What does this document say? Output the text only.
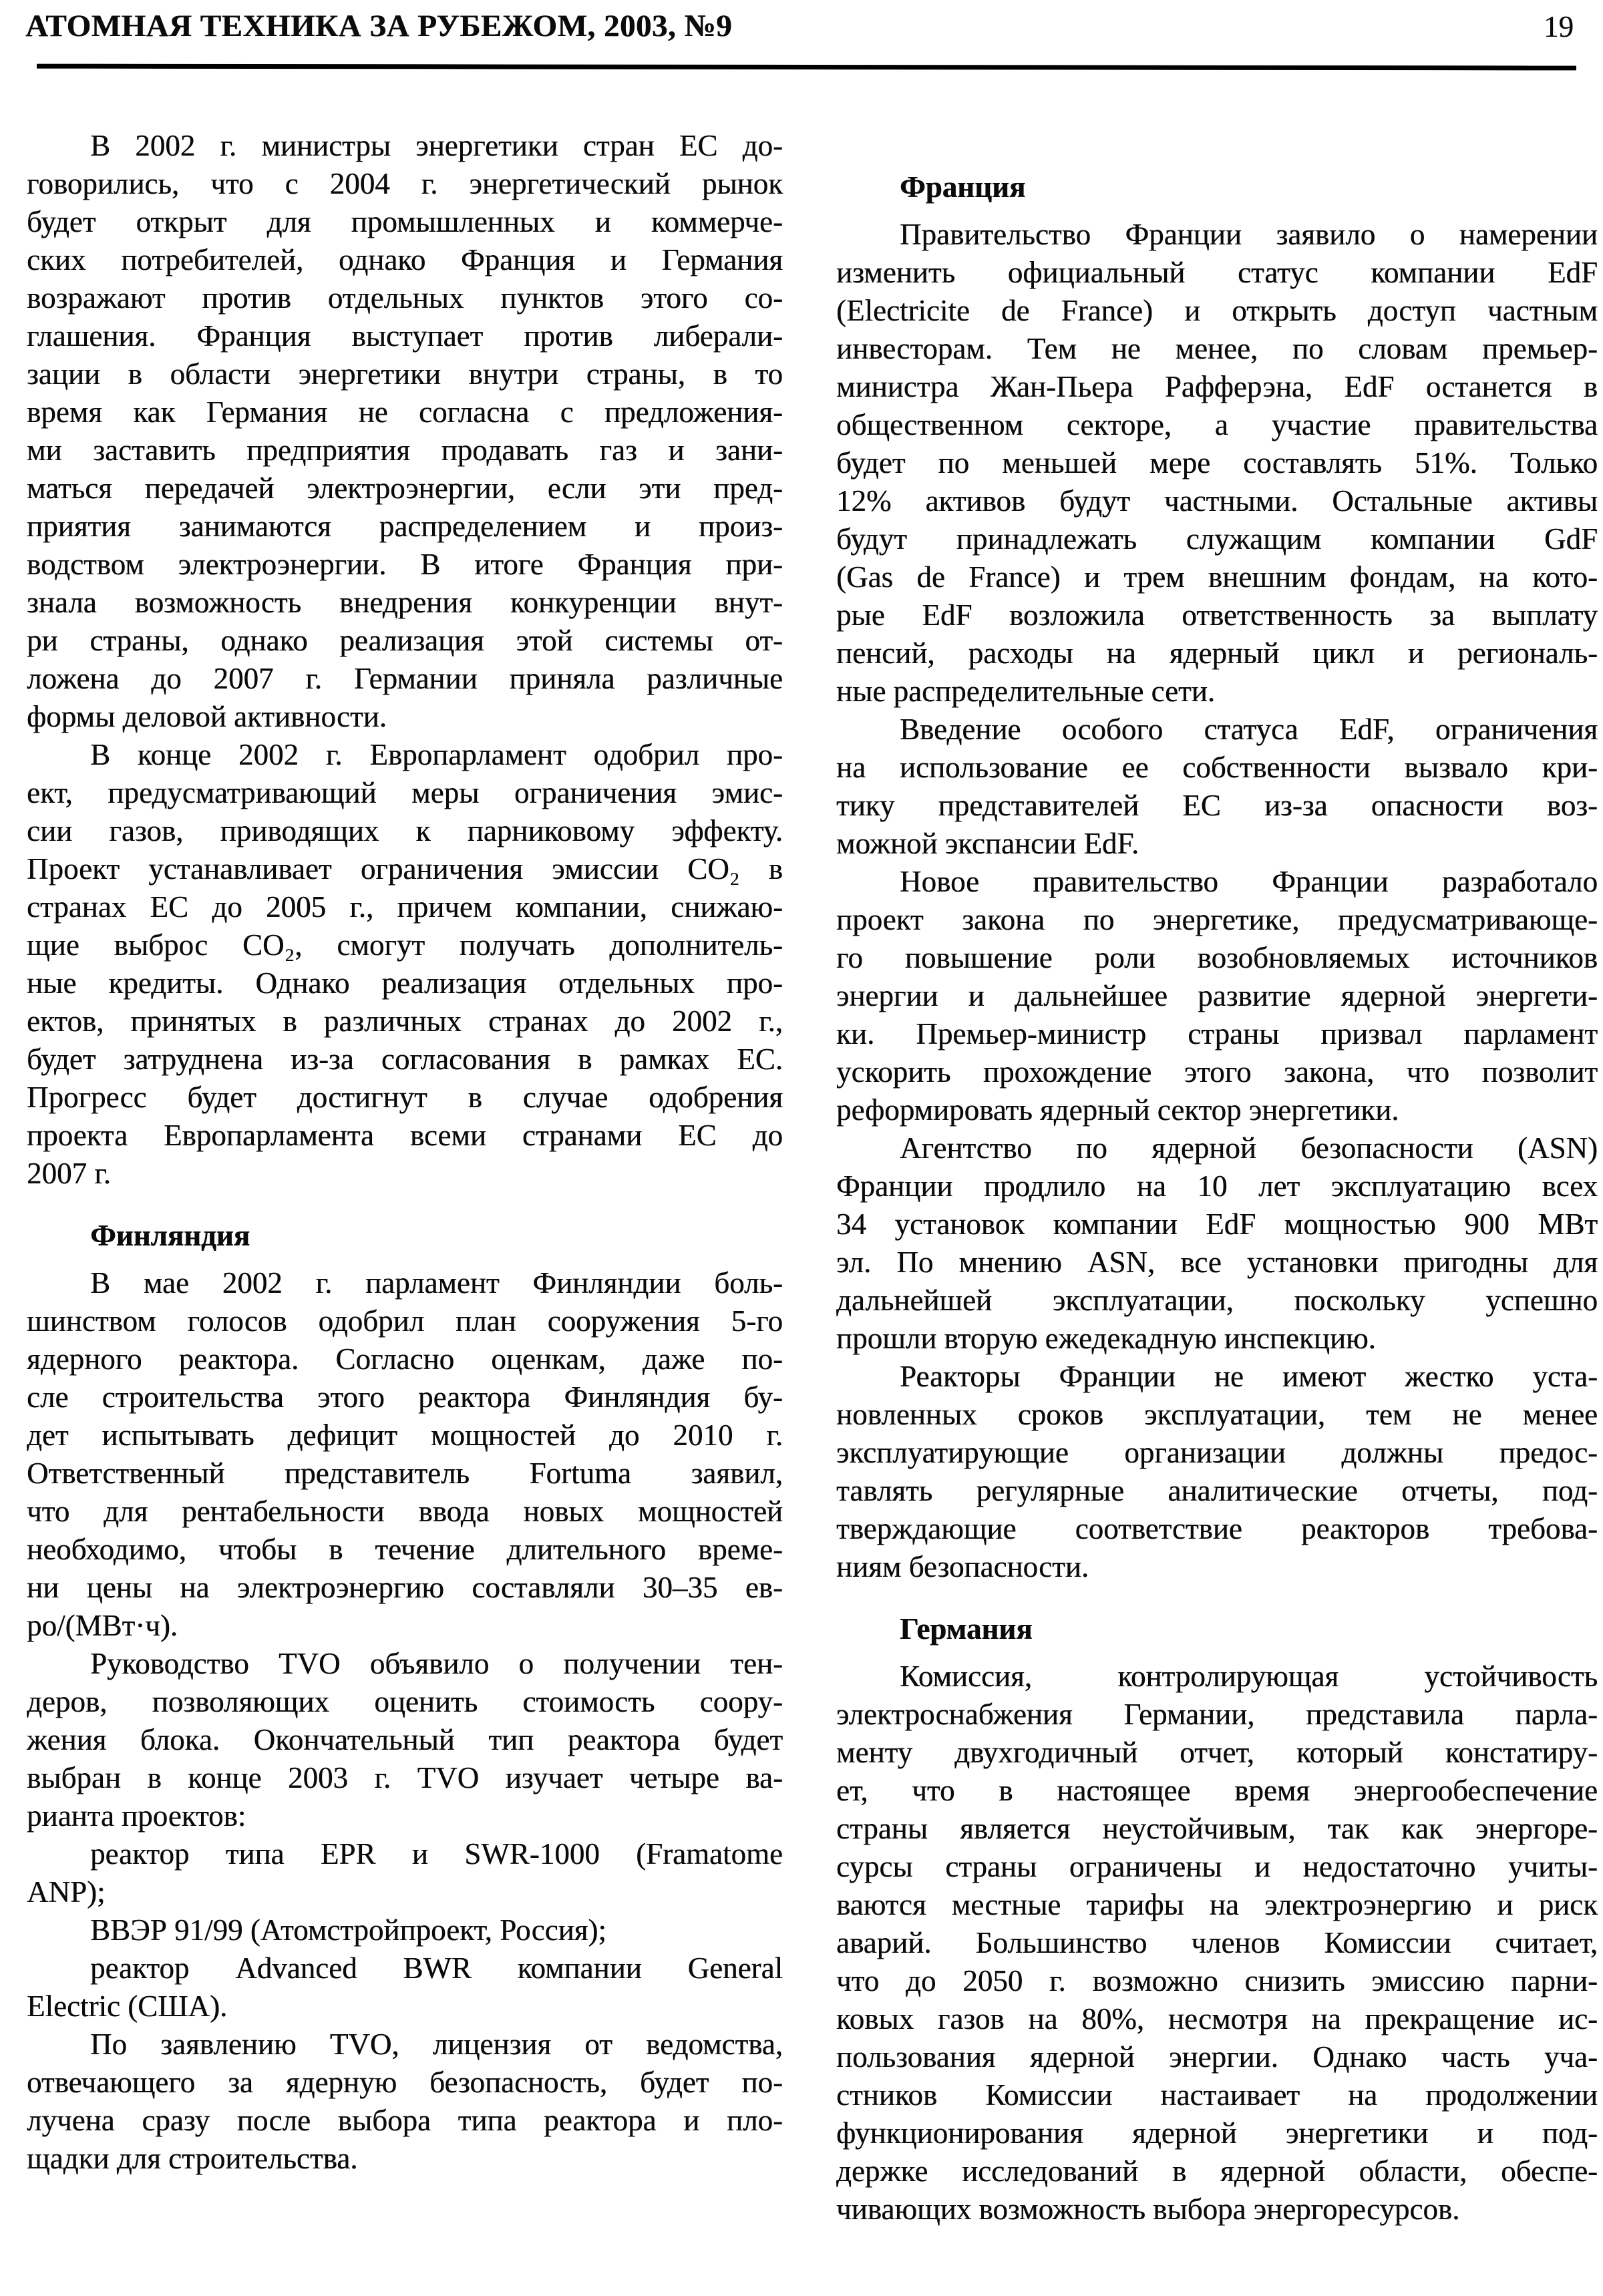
АТОМНАЯ ТЕХНИКА ЗА РУБЕЖОМ, 2003, №9	19
В 2002 г. министры энергетики стран ЕС до-
говорились, что с 2004 г. энергетический рынок
будет открыт для промышленных и коммерче-
ских потребителей, однако Франция и Германия
возражают против отдельных пунктов этого со-
глашения. Франция выступает против либерали-
зации в области энергетики внутри страны, в то
время как Германия не согласна с предложения-
ми заставить предприятия продавать газ и зани-
маться передачей электроэнергии, если эти пред-
приятия занимаются распределением и произ-
водством электроэнергии. В итоге Франция при-
знала возможность внедрения конкуренции внут-
ри страны, однако реализация этой системы от-
ложена до 2007 г. Германии приняла различные
формы деловой активности.
В конце 2002 г. Европарламент одобрил про-
ект, предусматривающий меры ограничения эмис-
сии газов, приводящих к парниковому эффекту.
Проект устанавливает ограничения эмиссии CO₂ в
странах ЕС до 2005 г., причем компании, снижаю-
щие выброс CO₂, смогут получать дополнитель-
ные кредиты. Однако реализация отдельных про-
ектов, принятых в различных странах до 2002 г.,
будет затруднена из-за согласования в рамках ЕС.
Прогресс будет достигнут в случае одобрения
проекта Европарламента всеми странами ЕС до
2007 г.
Финляндия
В мае 2002 г. парламент Финляндии боль-
шинством голосов одобрил план сооружения 5-го
ядерного реактора. Согласно оценкам, даже по-
сле строительства этого реактора Финляндия бу-
дет испытывать дефицит мощностей до 2010 г.
Ответственный представитель Fortuma заявил,
что для рентабельности ввода новых мощностей
необходимо, чтобы в течение длительного време-
ни цены на электроэнергию составляли 30–35 ев-
ро/(МВт·ч).
Руководство TVO объявило о получении тен-
деров, позволяющих оценить стоимость соору-
жения блока. Окончательный тип реактора будет
выбран в конце 2003 г. TVO изучает четыре ва-
рианта проектов:
реактор типа EPR и SWR-1000 (Framatome
ANP);
ВВЭР 91/99 (Атомстройпроект, Россия);
реактор Advanced BWR компании General
Electric (США).
По заявлению TVO, лицензия от ведомства,
отвечающего за ядерную безопасность, будет по-
лучена сразу после выбора типа реактора и пло-
щадки для строительства.
Франция
Правительство Франции заявило о намерении
изменить официальный статус компании EdF
(Electricite de France) и открыть доступ частным
инвесторам. Тем не менее, по словам премьер-
министра Жан-Пьера Рафферэна, EdF останется в
общественном секторе, а участие правительства
будет по меньшей мере составлять 51%. Только
12% активов будут частными. Остальные активы
будут принадлежать служащим компании GdF
(Gas de France) и трем внешним фондам, на кото-
рые EdF возложила ответственность за выплату
пенсий, расходы на ядерный цикл и региональ-
ные распределительные сети.
Введение особого статуса EdF, ограничения
на использование ее собственности вызвало кри-
тику представителей ЕС из-за опасности воз-
можной экспансии EdF.
Новое правительство Франции разработало
проект закона по энергетике, предусматривающе-
го повышение роли возобновляемых источников
энергии и дальнейшее развитие ядерной энергети-
ки. Премьер-министр страны призвал парламент
ускорить прохождение этого закона, что позволит
реформировать ядерный сектор энергетики.
Агентство по ядерной безопасности (ASN)
Франции продлило на 10 лет эксплуатацию всех
34 установок компании EdF мощностью 900 МВт
эл. По мнению ASN, все установки пригодны для
дальнейшей эксплуатации, поскольку успешно
прошли вторую ежедекадную инспекцию.
Реакторы Франции не имеют жестко уста-
новленных сроков эксплуатации, тем не менее
эксплуатирующие организации должны предос-
тавлять регулярные аналитические отчеты, под-
тверждающие соответствие реакторов требова-
ниям безопасности.
Германия
Комиссия, контролирующая устойчивость
электроснабжения Германии, представила парла-
менту двухгодичный отчет, который констатиру-
ет, что в настоящее время энергообеспечение
страны является неустойчивым, так как энергоре-
сурсы страны ограничены и недостаточно учиты-
ваются местные тарифы на электроэнергию и риск
аварий. Большинство членов Комиссии считает,
что до 2050 г. возможно снизить эмиссию парни-
ковых газов на 80%, несмотря на прекращение ис-
пользования ядерной энергии. Однако часть уча-
стников Комиссии настаивает на продолжении
функционирования ядерной энергетики и под-
держке исследований в ядерной области, обеспе-
чивающих возможность выбора энергоресурсов.
